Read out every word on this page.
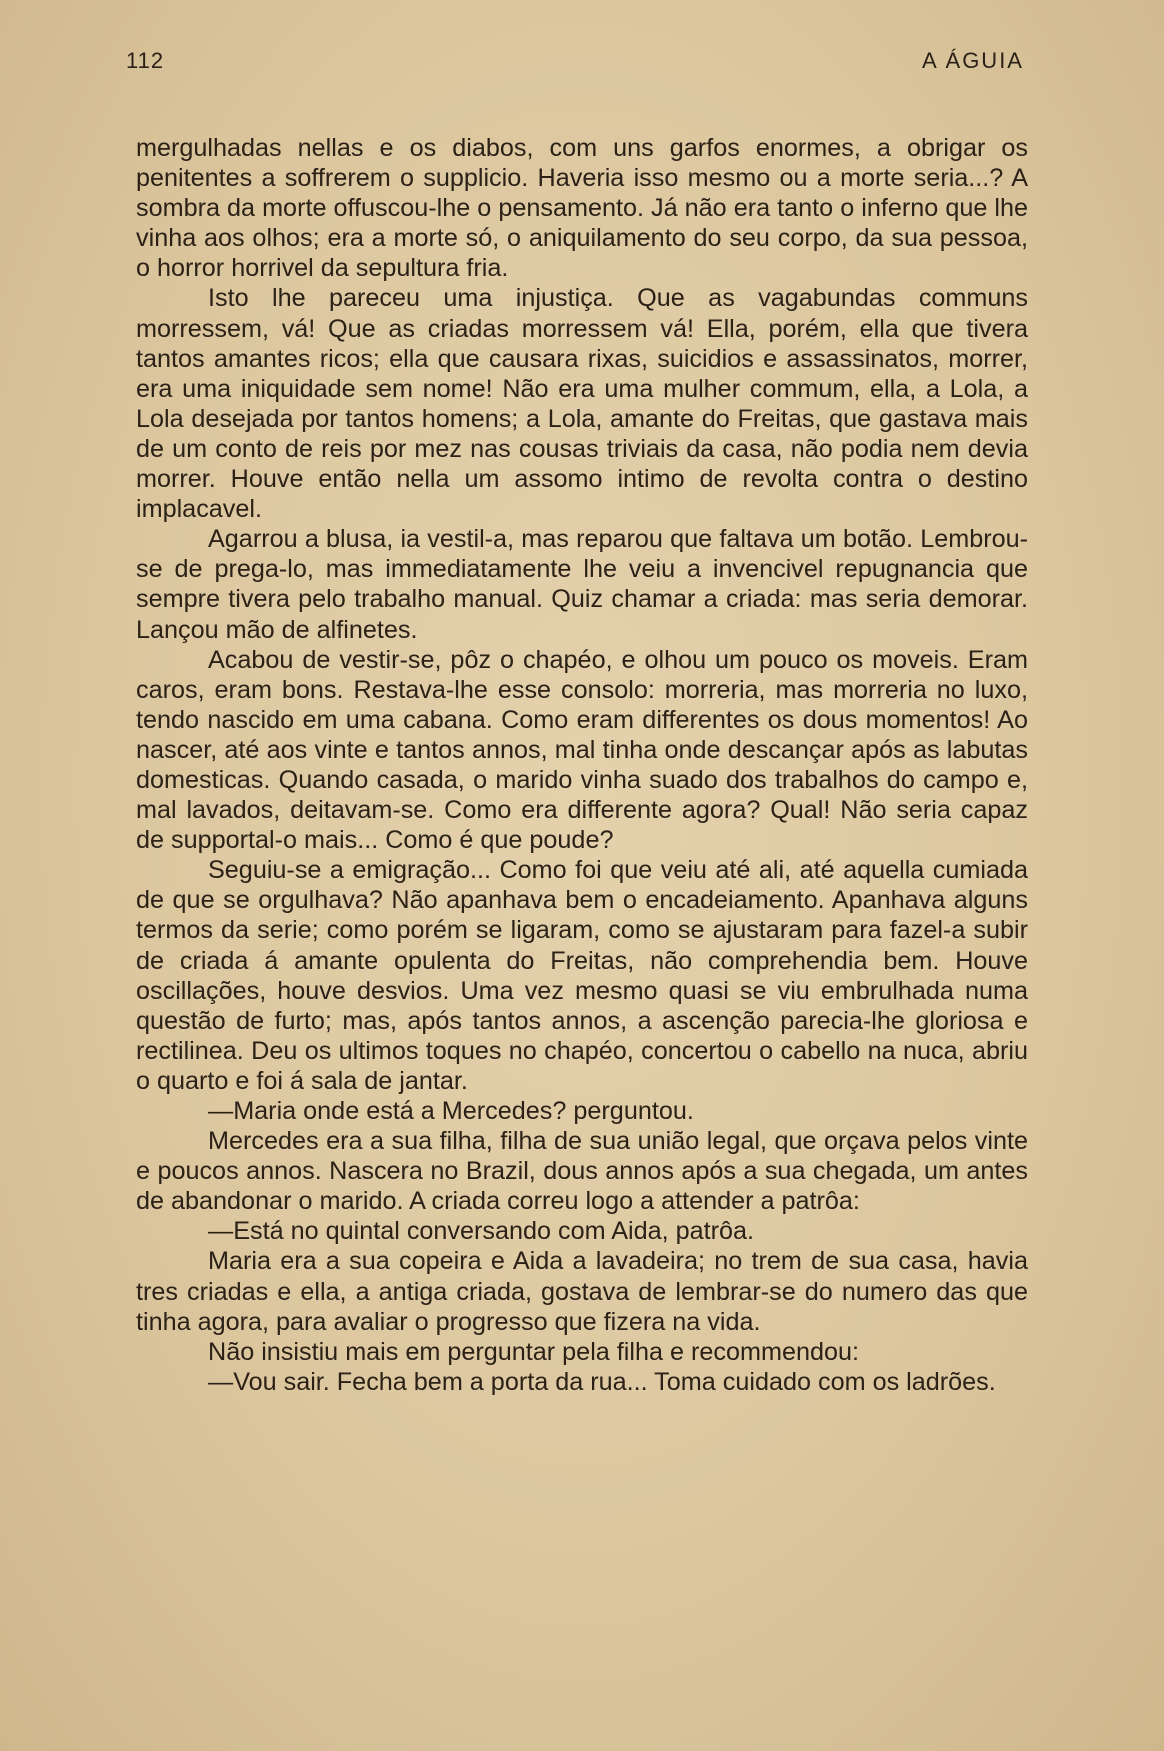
112	A ÁGUIA

mergulhadas nellas e os diabos, com uns garfos enormes, a obrigar os penitentes a soffrerem o supplicio. Haveria isso mesmo ou a morte seria...? A sombra da morte offuscou-lhe o pensamento. Já não era tanto o inferno que lhe vinha aos olhos; era a morte só, o aniquilamento do seu corpo, da sua pessoa, o horror horrivel da sepultura fria.

Isto lhe pareceu uma injustiça. Que as vagabundas communs morressem, vá! Que as criadas morressem vá! Ella, porém, ella que tivera tantos amantes ricos; ella que causara rixas, suicidios e assassinatos, morrer, era uma iniquidade sem nome! Não era uma mulher commum, ella, a Lola, a Lola desejada por tantos homens; a Lola, amante do Freitas, que gastava mais de um conto de reis por mez nas cousas triviais da casa, não podia nem devia morrer. Houve então nella um assomo intimo de revolta contra o destino implacavel.

Agarrou a blusa, ia vestil-a, mas reparou que faltava um botão. Lembrou-se de prega-lo, mas immediatamente lhe veiu a invencivel repugnancia que sempre tivera pelo trabalho manual. Quiz chamar a criada: mas seria demorar. Lançou mão de alfinetes.

Acabou de vestir-se, pôz o chapéo, e olhou um pouco os moveis. Eram caros, eram bons. Restava-lhe esse consolo: morreria, mas morreria no luxo, tendo nascido em uma cabana. Como eram differentes os dous momentos! Ao nascer, até aos vinte e tantos annos, mal tinha onde descançar após as labutas domesticas. Quando casada, o marido vinha suado dos trabalhos do campo e, mal lavados, deitavam-se. Como era differente agora? Qual! Não seria capaz de supportal-o mais... Como é que poude?

Seguiu-se a emigração... Como foi que veiu até ali, até aquella cumiada de que se orgulhava? Não apanhava bem o encadeiamento. Apanhava alguns termos da serie; como porém se ligaram, como se ajustaram para fazel-a subir de criada á amante opulenta do Freitas, não comprehendia bem. Houve oscillações, houve desvios. Uma vez mesmo quasi se viu embrulhada numa questão de furto; mas, após tantos annos, a ascenção parecia-lhe gloriosa e rectilinea. Deu os ultimos toques no chapéo, concertou o cabello na nuca, abriu o quarto e foi á sala de jantar.

—Maria onde está a Mercedes? perguntou.

Mercedes era a sua filha, filha de sua união legal, que orçava pelos vinte e poucos annos. Nascera no Brazil, dous annos após a sua chegada, um antes de abandonar o marido. A criada correu logo a attender a patrôa:

—Está no quintal conversando com Aida, patrôa.

Maria era a sua copeira e Aida a lavadeira; no trem de sua casa, havia tres criadas e ella, a antiga criada, gostava de lembrar-se do numero das que tinha agora, para avaliar o progresso que fizera na vida.

Não insistiu mais em perguntar pela filha e recommendou:

—Vou sair. Fecha bem a porta da rua... Toma cuidado com os ladrões.
